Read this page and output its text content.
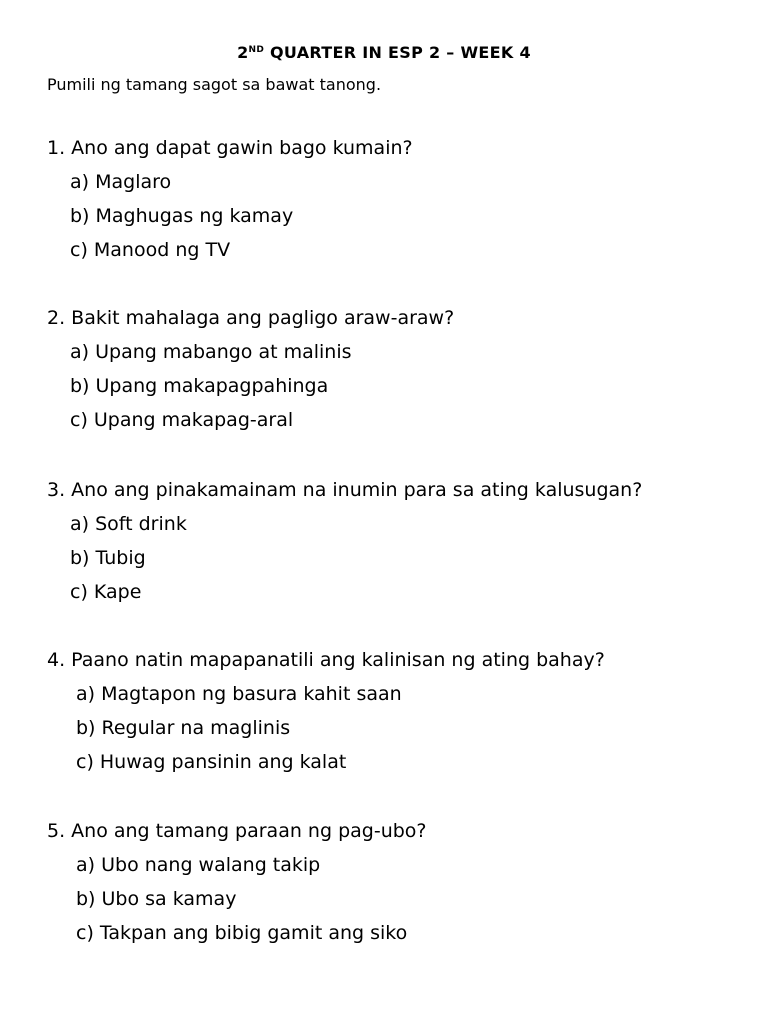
2ND QUARTER IN ESP 2 – WEEK 4
Pumili ng tamang sagot sa bawat tanong.
1. Ano ang dapat gawin bago kumain?
a) Maglaro
b) Maghugas ng kamay
c) Manood ng TV
2. Bakit mahalaga ang pagligo araw-araw?
a) Upang mabango at malinis
b) Upang makapagpahinga
c) Upang makapag-aral
3. Ano ang pinakamainam na inumin para sa ating kalusugan?
a) Soft drink
b) Tubig
c) Kape
4. Paano natin mapapanatili ang kalinisan ng ating bahay?
a) Magtapon ng basura kahit saan
b) Regular na maglinis
c) Huwag pansinin ang kalat
5. Ano ang tamang paraan ng pag-ubo?
a) Ubo nang walang takip
b) Ubo sa kamay
c) Takpan ang bibig gamit ang siko
